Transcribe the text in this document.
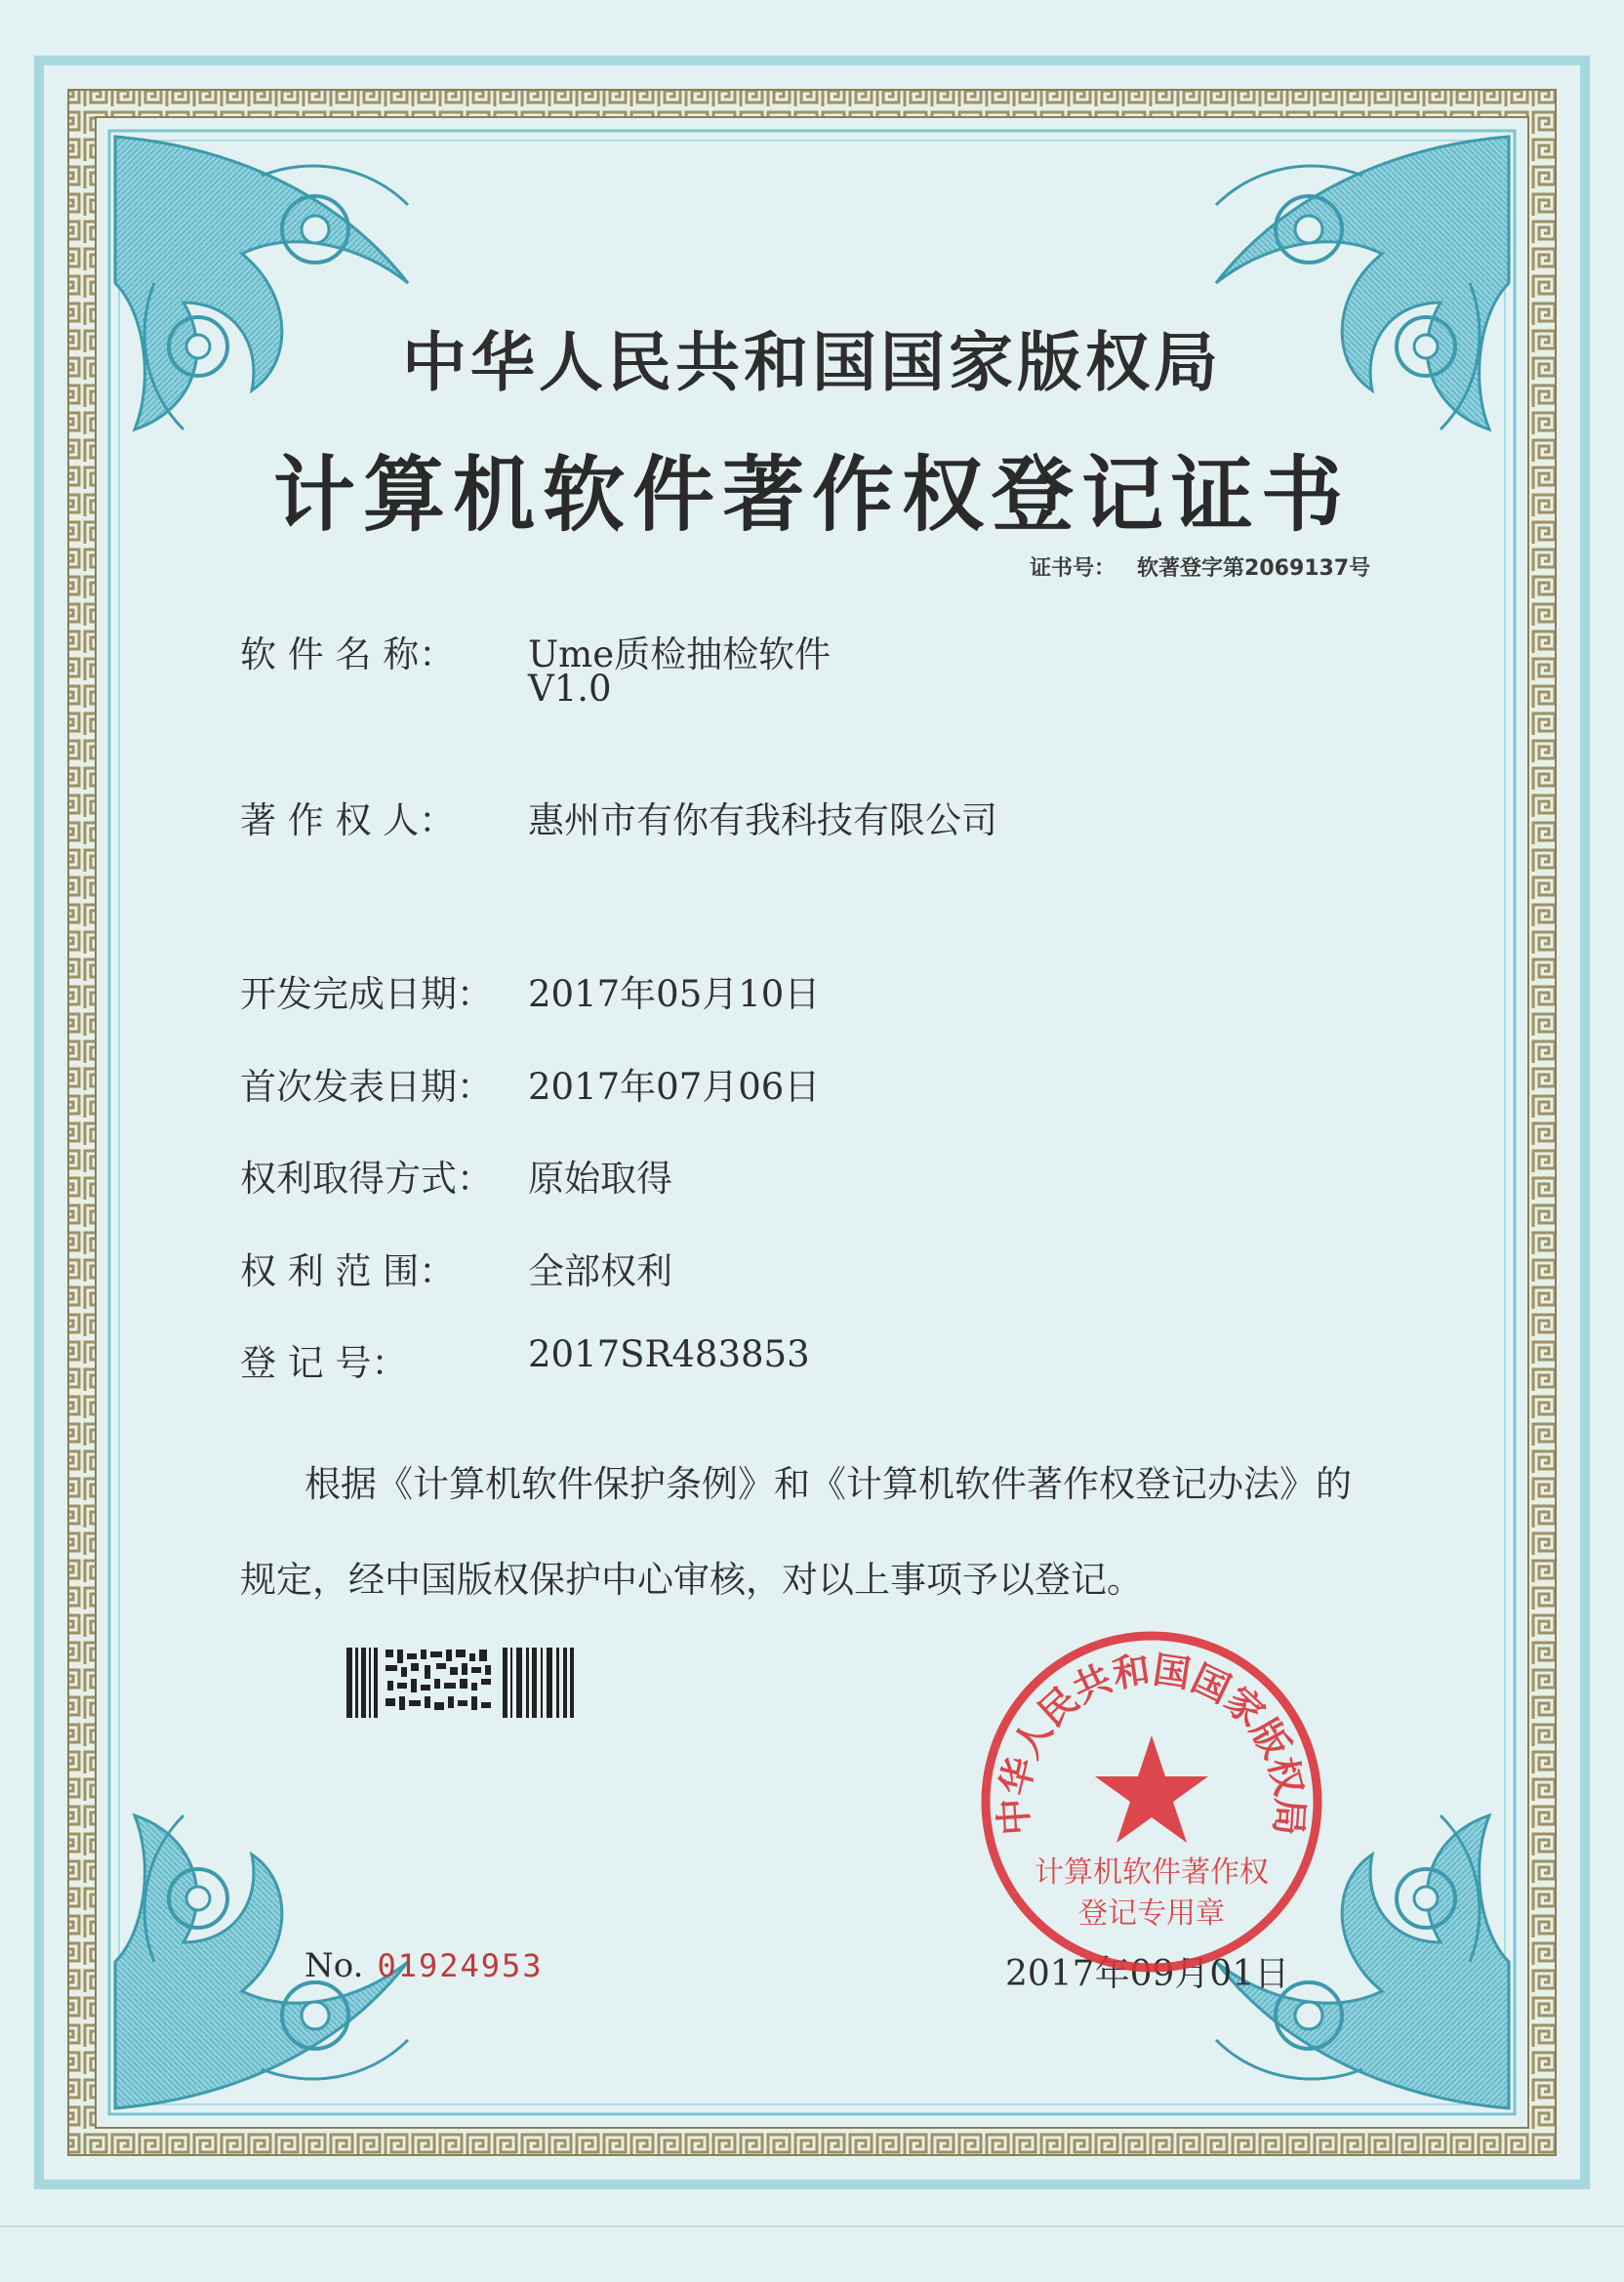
中华人民共和国国家版权局
计算机软件著作权登记证书
证书号： 软著登字第2069137号
软 件 名 称： Ume质检抽检软件
V1.0
著 作 权 人： 惠州市有你有我科技有限公司
开发完成日期： 2017年05月10日
首次发表日期： 2017年07月06日
权利取得方式： 原始取得
权 利 范 围： 全部权利
登 记 号：	2017SR483853
根据《计算机软件保护条例》和《计算机软件著作权登记办法》的
规定，经中国版权保护中心审核，对以上事项予以登记。
No. 01924953	2017年09月01日
中华人民共和国国家版权局
计算机软件著作权
登记专用章
